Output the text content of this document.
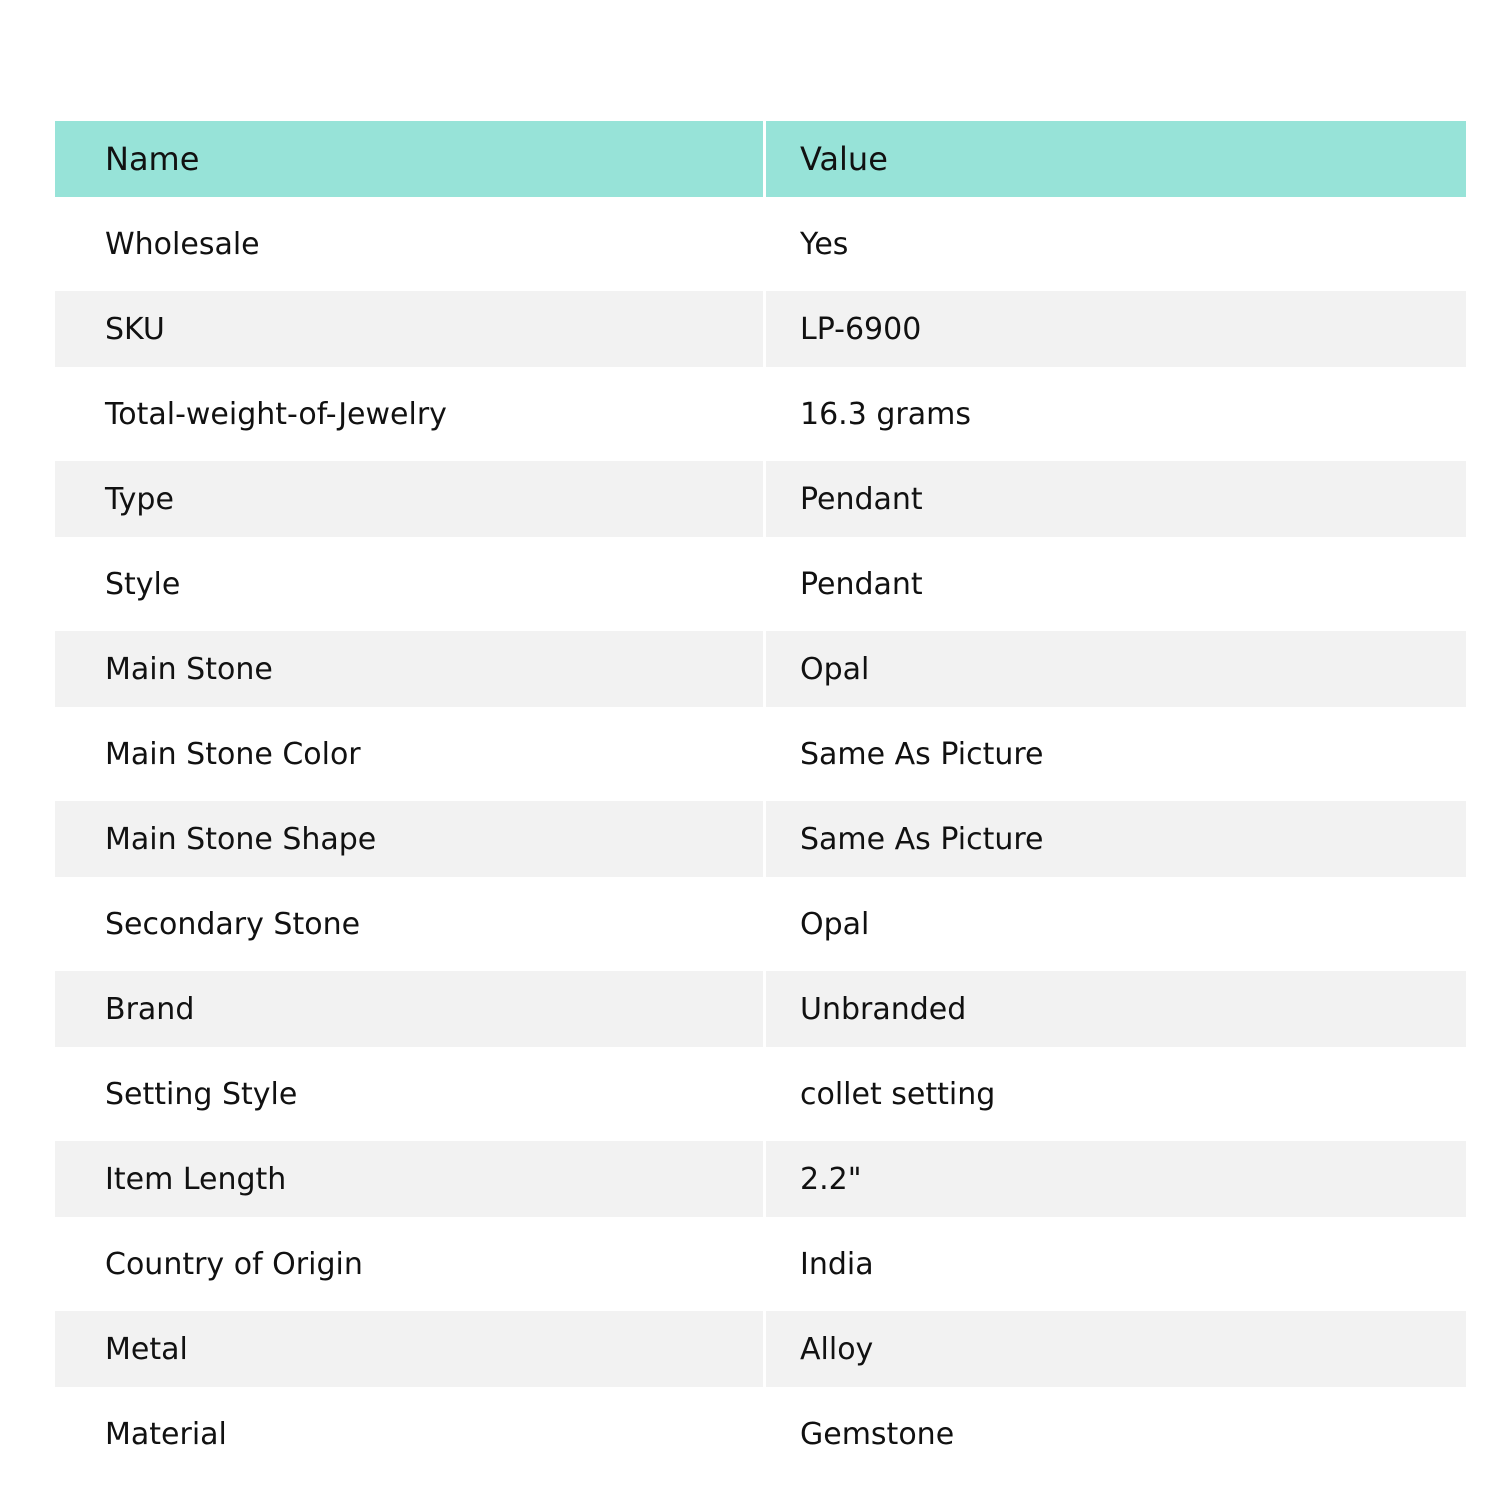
Name	Value
Wholesale	Yes
SKU	LP-6900
Total-weight-of-Jewelry	16.3 grams
Type	Pendant
Style	Pendant
Main Stone	Opal
Main Stone Color	Same As Picture
Main Stone Shape	Same As Picture
Secondary Stone	Opal
Brand	Unbranded
Setting Style	collet setting
Item Length	2.2"
Country of Origin	India
Metal	Alloy
Material	Gemstone
